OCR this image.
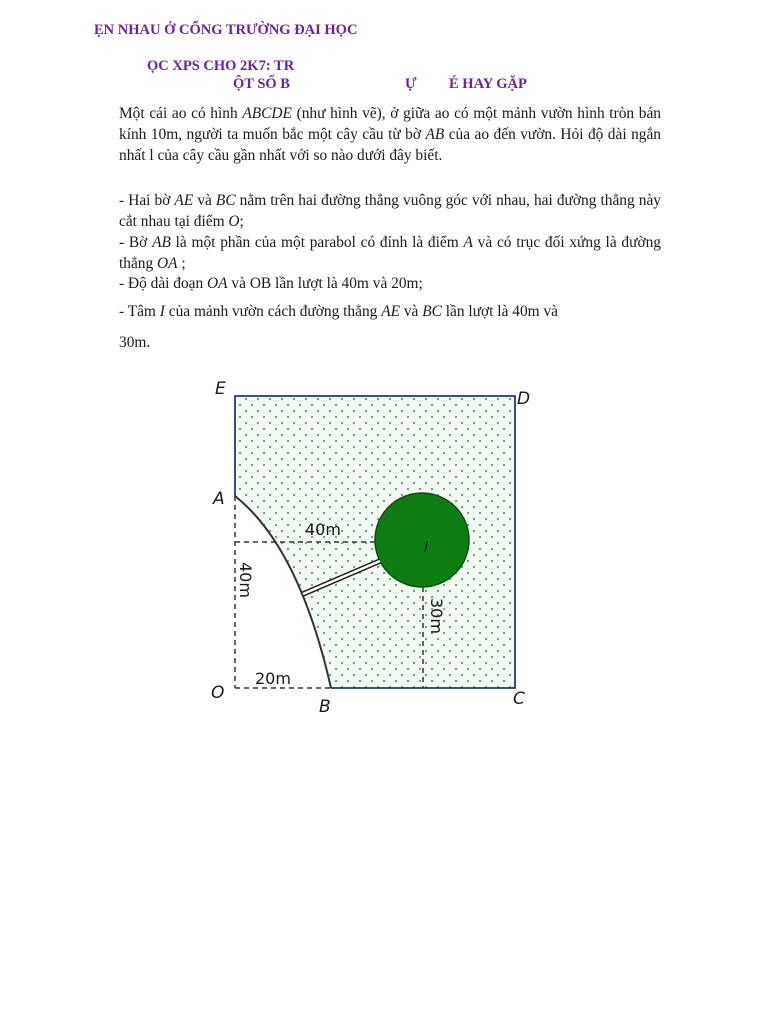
ẸN NHAU Ở CỔNG TRƯỜNG ĐẠI HỌC
ỌC XPS CHO 2K7: TR
ỘT SỐ B	Ự É HAY GẶP
Một cái ao có hình ABCDE (như hình vẽ), ở giữa ao có một mảnh vườn hình tròn bán kính 10m, người ta muốn bắc một cây cầu từ bờ AB của ao đến vườn. Hỏi độ dài ngắn nhất l của cây cầu gần nhất với so nào dưới đây biết.
- Hai bờ AE và BC nằm trên hai đường thẳng vuông góc với nhau, hai đường thẳng này cắt nhau tại điểm O;
- Bờ AB là một phần của một parabol có đỉnh là điểm A và có trục đối xứng là đường thẳng OA ;
- Độ dài đoạn OA và OB lần lượt là 40m và 20m;
- Tâm I của mảnh vườn cách đường thẳng AE và BC lần lượt là 40m và
30m.
E	D
A
I
O
B	C
40m
40m
20m
30m
